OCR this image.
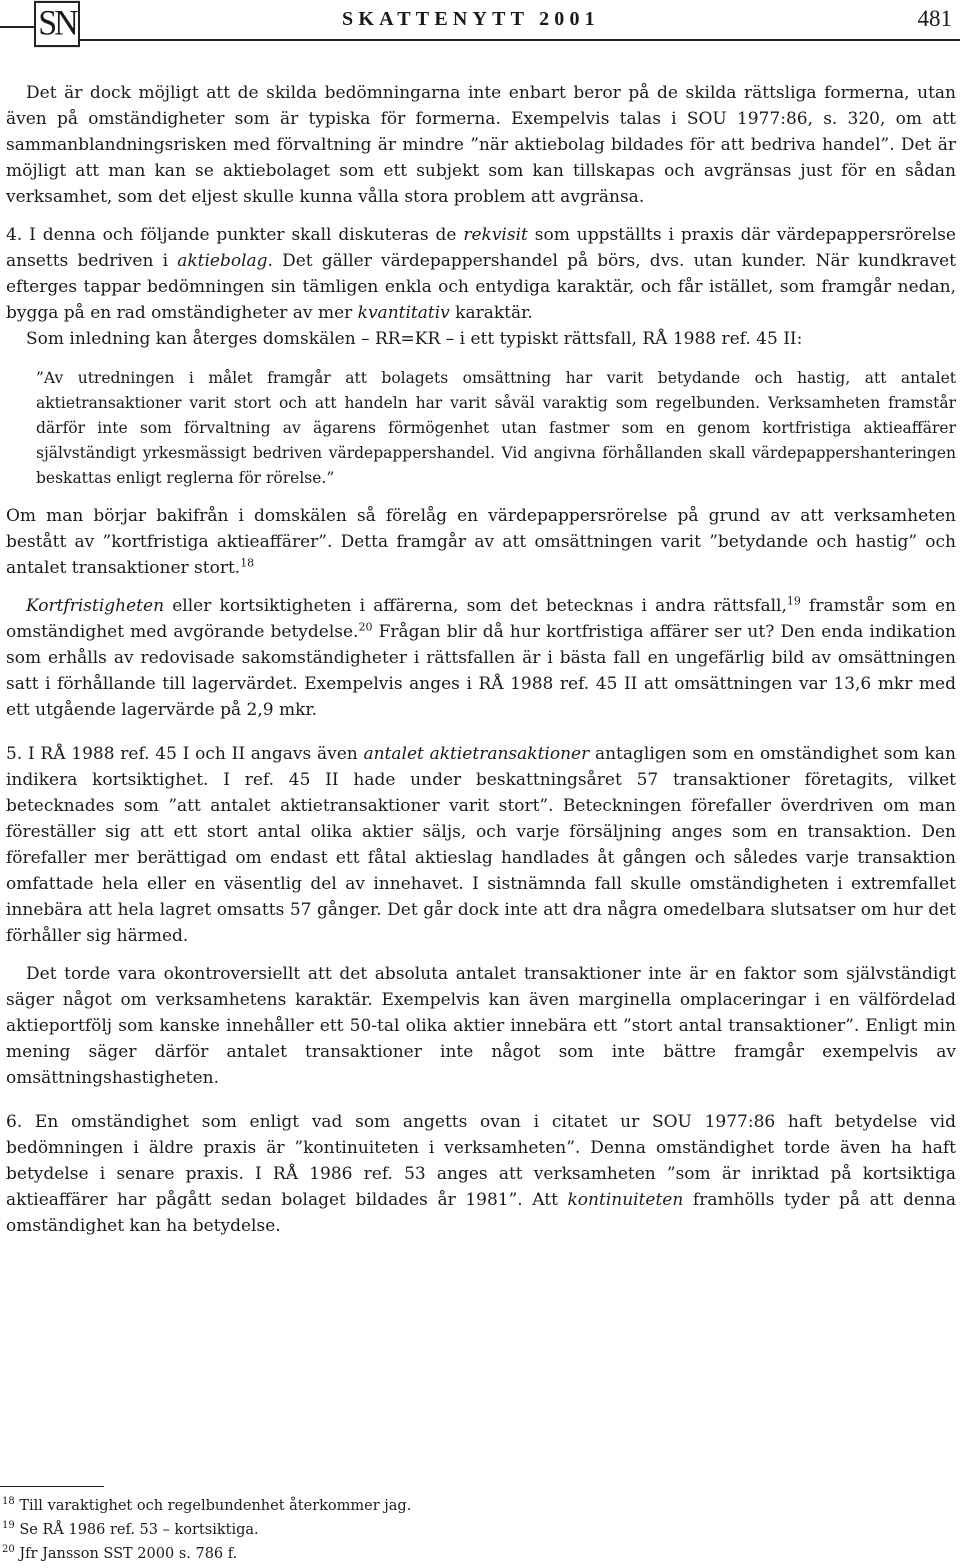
SN	SKATTENYTT 2001	481

Det är dock möjligt att de skilda bedömningarna inte enbart beror på de skilda rättsliga formerna, utan även på omständigheter som är typiska för formerna. Exempelvis talas i SOU 1977:86, s. 320, om att sammanblandningsrisken med förvaltning är mindre ”när aktiebolag bildades för att bedriva handel”. Det är möjligt att man kan se aktiebolaget som ett subjekt som kan tillskapas och avgränsas just för en sådan verksamhet, som det eljest skulle kunna vålla stora problem att avgränsa.

4. I denna och följande punkter skall diskuteras de rekvisit som uppställts i praxis där värdepappersrörelse ansetts bedriven i aktiebolag. Det gäller värdepappershandel på börs, dvs. utan kunder. När kundkravet efterges tappar bedömningen sin tämligen enkla och entydiga karaktär, och får istället, som framgår nedan, bygga på en rad omständigheter av mer kvantitativ karaktär.

Som inledning kan återges domskälen – RR=KR – i ett typiskt rättsfall, RÅ 1988 ref. 45 II:

”Av utredningen i målet framgår att bolagets omsättning har varit betydande och hastig, att antalet aktietransaktioner varit stort och att handeln har varit såväl varaktig som regelbunden. Verksamheten framstår därför inte som förvaltning av ägarens förmögenhet utan fastmer som en genom kortfristiga aktieaffärer självständigt yrkesmässigt bedriven värdepappershandel. Vid angivna förhållanden skall värdepappershanteringen beskattas enligt reglerna för rörelse.”

Om man börjar bakifrån i domskälen så förelåg en värdepappersrörelse på grund av att verksamheten bestått av ”kortfristiga aktieaffärer”. Detta framgår av att omsättningen varit ”betydande och hastig” och antalet transaktioner stort.$^{18}$

Kortfristigheten eller kortsiktigheten i affärerna, som det betecknas i andra rättsfall,$^{19}$ framstår som en omständighet med avgörande betydelse.$^{20}$ Frågan blir då hur kortfristiga affärer ser ut? Den enda indikation som erhålls av redovisade sakomständigheter i rättsfallen är i bästa fall en ungefärlig bild av omsättningen satt i förhållande till lagervärdet. Exempelvis anges i RÅ 1988 ref. 45 II att omsättningen var 13,6 mkr med ett utgående lagervärde på 2,9 mkr.

5. I RÅ 1988 ref. 45 I och II angavs även antalet aktietransaktioner antagligen som en omständighet som kan indikera kortsiktighet. I ref. 45 II hade under beskattningsåret 57 transaktioner företagits, vilket betecknades som ”att antalet aktietransaktioner varit stort”. Beteckningen förefaller överdriven om man föreställer sig att ett stort antal olika aktier säljs, och varje försäljning anges som en transaktion. Den förefaller mer berättigad om endast ett fåtal aktieslag handlades åt gången och således varje transaktion omfattade hela eller en väsentlig del av innehavet. I sistnämnda fall skulle omständigheten i extremfallet innebära att hela lagret omsatts 57 gånger. Det går dock inte att dra några omedelbara slutsatser om hur det förhåller sig härmed.

Det torde vara okontroversiellt att det absoluta antalet transaktioner inte är en faktor som självständigt säger något om verksamhetens karaktär. Exempelvis kan även marginella omplaceringar i en välfördelad aktieportfölj som kanske innehåller ett 50-tal olika aktier innebära ett ”stort antal transaktioner”. Enligt min mening säger därför antalet transaktioner inte något som inte bättre framgår exempelvis av omsättningshastigheten.

6. En omständighet som enligt vad som angetts ovan i citatet ur SOU 1977:86 haft betydelse vid bedömningen i äldre praxis är ”kontinuiteten i verksamheten”. Denna omständighet torde även ha haft betydelse i senare praxis. I RÅ 1986 ref. 53 anges att verksamheten ”som är inriktad på kortsiktiga aktieaffärer har pågått sedan bolaget bildades år 1981”. Att kontinuiteten framhölls tyder på att denna omständighet kan ha betydelse.

$^{18}$ Till varaktighet och regelbundenhet återkommer jag.

$^{19}$ Se RÅ 1986 ref. 53 – kortsiktiga.

$^{20}$ Jfr Jansson SST 2000 s. 786 f.
